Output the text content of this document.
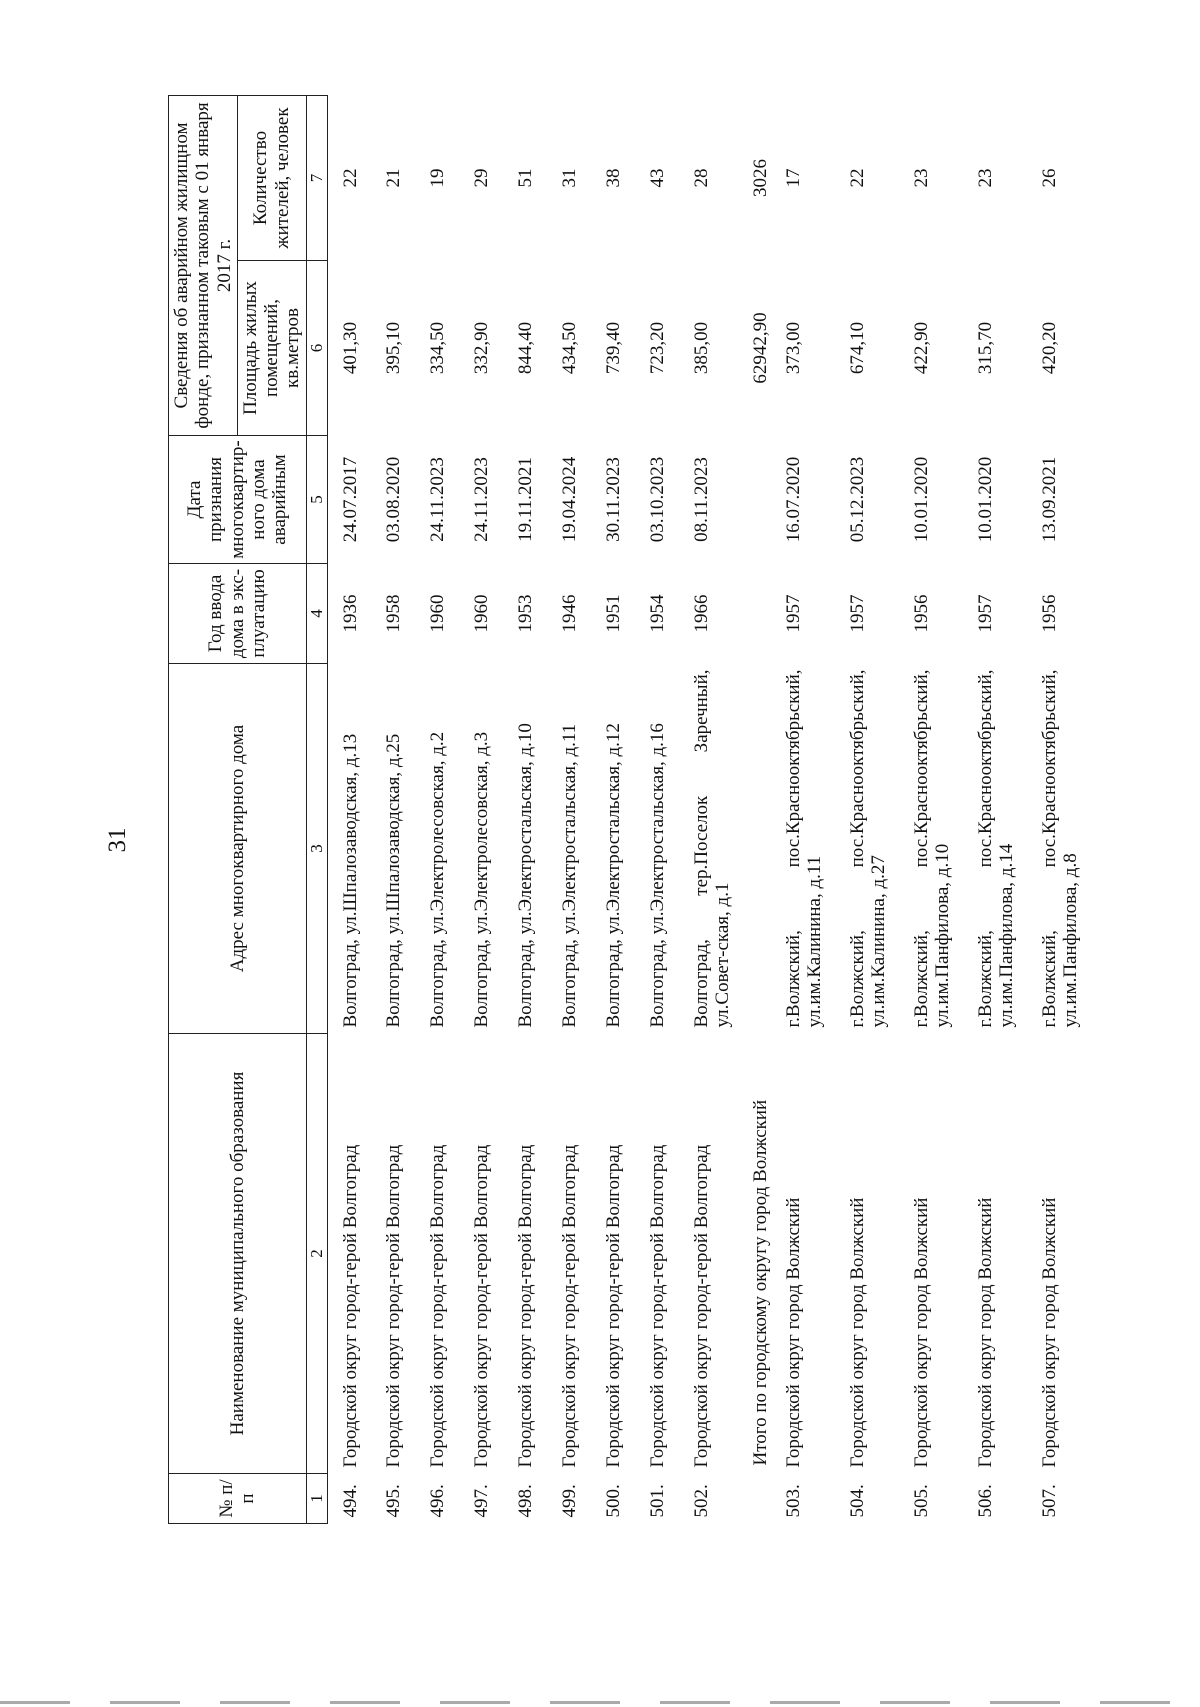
31
№ п/п	Наименование муниципального образования	Адрес многоквартирного дома	Год ввода дома в экс-плуатацию	Дата признания многоквартир-ного дома аварийным	Сведения об аварийном жилищном фонде, признанном таковым с 01 января 2017 г.	
					Площадь жилых помещений, кв.метров	Количество жителей, человек
1	2	3	4	5	6	7
494.	Городской округ город-герой Волгоград	Волгоград, ул.Шпалозаводская, д.13	1936	24.07.2017	401,30	22
495.	Городской округ город-герой Волгоград	Волгоград, ул.Шпалозаводская, д.25	1958	03.08.2020	395,10	21
496.	Городской округ город-герой Волгоград	Волгоград, ул.Электролесовская, д.2	1960	24.11.2023	334,50	19
497.	Городской округ город-герой Волгоград	Волгоград, ул.Электролесовская, д.3	1960	24.11.2023	332,90	29
498.	Городской округ город-герой Волгоград	Волгоград, ул.Электростальская, д.10	1953	19.11.2021	844,40	51
499.	Городской округ город-герой Волгоград	Волгоград, ул.Электростальская, д.11	1946	19.04.2024	434,50	31
500.	Городской округ город-герой Волгоград	Волгоград, ул.Электростальская, д.12	1951	30.11.2023	739,40	38
501.	Городской округ город-герой Волгоград	Волгоград, ул.Электростальская, д.16	1954	03.10.2023	723,20	43
502.	Городской округ город-герой Волгоград	Волгоград, тер.Поселок Заречный, ул.Совет-ская, д.1	1966	08.11.2023	385,00	28
Итого по городскому округу город Волжский					62942,90	3026
503.	Городской округ город Волжский	г.Волжский, пос.Краснооктябрьский, ул.им.Калинина, д.11	1957	16.07.2020	373,00	17
504.	Городской округ город Волжский	г.Волжский, пос.Краснооктябрьский, ул.им.Калинина, д.27	1957	05.12.2023	674,10	22
505.	Городской округ город Волжский	г.Волжский, пос.Краснооктябрьский, ул.им.Панфилова, д.10	1956	10.01.2020	422,90	23
506.	Городской округ город Волжский	г.Волжский, пос.Краснооктябрьский, ул.им.Панфилова, д.14	1957	10.01.2020	315,70	23
507.	Городской округ город Волжский	г.Волжский, пос.Краснооктябрьский, ул.им.Панфилова, д.8	1956	13.09.2021	420,20	26
